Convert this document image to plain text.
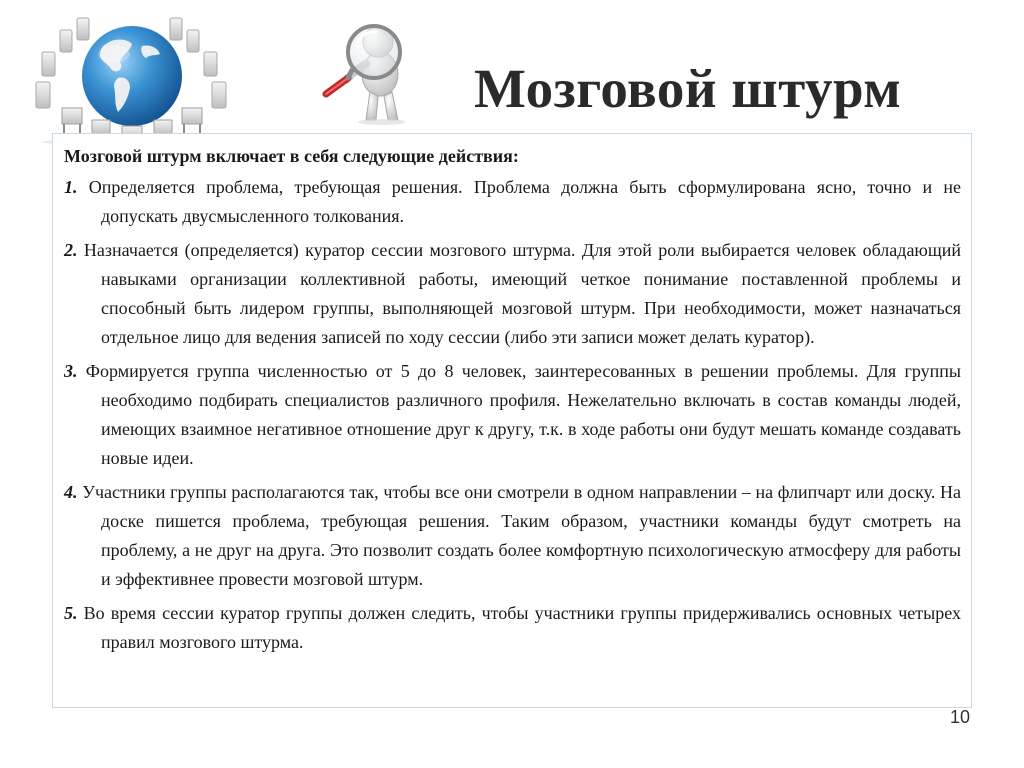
Мозговой штурм

Мозговой штурм включает в себя следующие действия:

1. Определяется проблема, требующая решения. Проблема должна быть сформулирована ясно, точно и не допускать двусмысленного толкования.

2. Назначается (определяется) куратор сессии мозгового штурма. Для этой роли выбирается человек обладающий навыками организации коллективной работы, имеющий четкое понимание поставленной проблемы и способный быть лидером группы, выполняющей мозговой штурм. При необходимости, может назначаться отдельное лицо для ведения записей по ходу сессии (либо эти записи может делать куратор).

3. Формируется группа численностью от 5 до 8 человек, заинтересованных в решении проблемы. Для группы необходимо подбирать специалистов различного профиля. Нежелательно включать в состав команды людей, имеющих взаимное негативное отношение друг к другу, т.к. в ходе работы они будут мешать команде создавать новые идеи.

4. Участники группы располагаются так, чтобы все они смотрели в одном направлении – на флипчарт или доску. На доске пишется проблема, требующая решения. Таким образом, участники команды будут смотреть на проблему, а не друг на друга. Это позволит создать более комфортную психологическую атмосферу для работы и эффективнее провести мозговой штурм.

5. Во время сессии куратор группы должен следить, чтобы участники группы придерживались основных четырех правил мозгового штурма.

10
